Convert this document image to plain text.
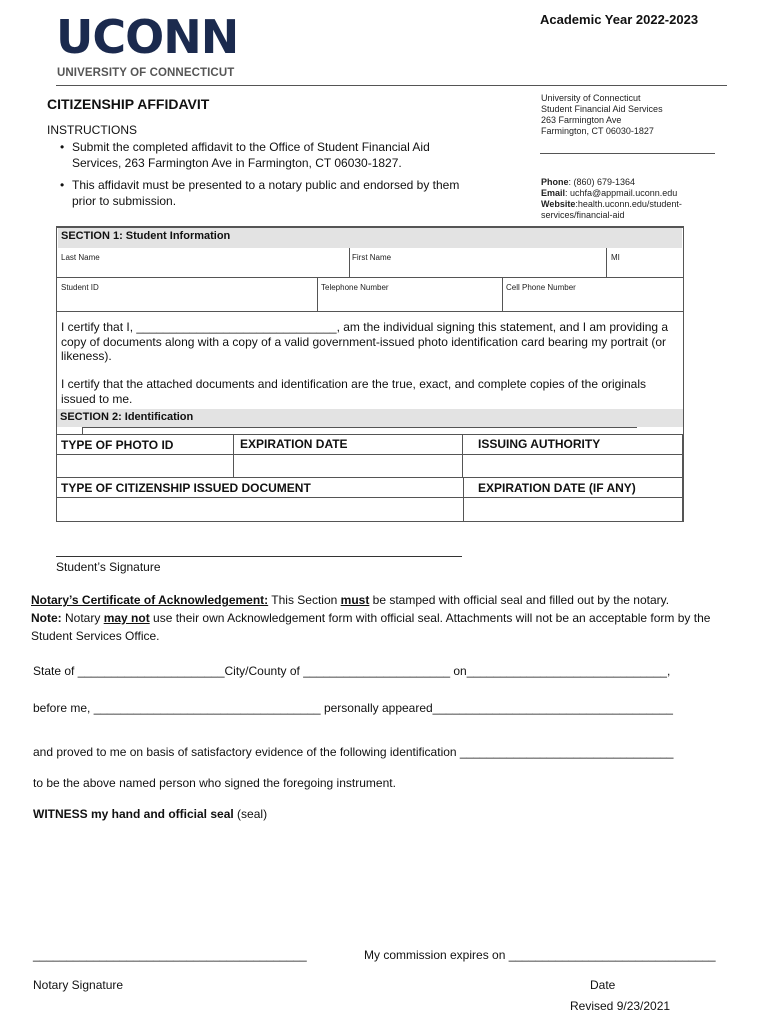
UCONN
UNIVERSITY OF CONNECTICUT
Academic Year 2022-2023
CITIZENSHIP AFFIDAVIT
INSTRUCTIONS
• Submit the completed affidavit to the Office of Student Financial Aid Services, 263 Farmington Ave in Farmington, CT 06030-1827.
• This affidavit must be presented to a notary public and endorsed by them prior to submission.
University of Connecticut
Student Financial Aid Services
263 Farmington Ave
Farmington, CT 06030-1827
Phone: (860) 679-1364
Email: uchfa@appmail.uconn.edu
Website:health.uconn.edu/student-
services/financial-aid
SECTION 1: Student Information
Last Name	First Name	MI
Student ID	Telephone Number	Cell Phone Number
I certify that I, ______________________________, am the individual signing this statement, and I am providing a copy of documents along with a copy of a valid government-issued photo identification card bearing my portrait (or likeness).
I certify that the attached documents and identification are the true, exact, and complete copies of the originals issued to me.
SECTION 2: Identification
TYPE OF PHOTO ID	EXPIRATION DATE	ISSUING AUTHORITY
TYPE OF CITIZENSHIP ISSUED DOCUMENT	EXPIRATION DATE (IF ANY)
Student’s Signature
Notary’s Certificate of Acknowledgement: This Section must be stamped with official seal and filled out by the notary.
Note: Notary may not use their own Acknowledgement form with official seal. Attachments will not be an acceptable form by the Student Services Office.
State of ______________________City/County of ______________________ on______________________________,
before me, __________________________________ personally appeared____________________________________
and proved to me on basis of satisfactory evidence of the following identification ________________________________
to be the above named person who signed the foregoing instrument.
WITNESS my hand and official seal (seal)
_________________________________________	My commission expires on _______________________________
Notary Signature	Date
Revised 9/23/2021
